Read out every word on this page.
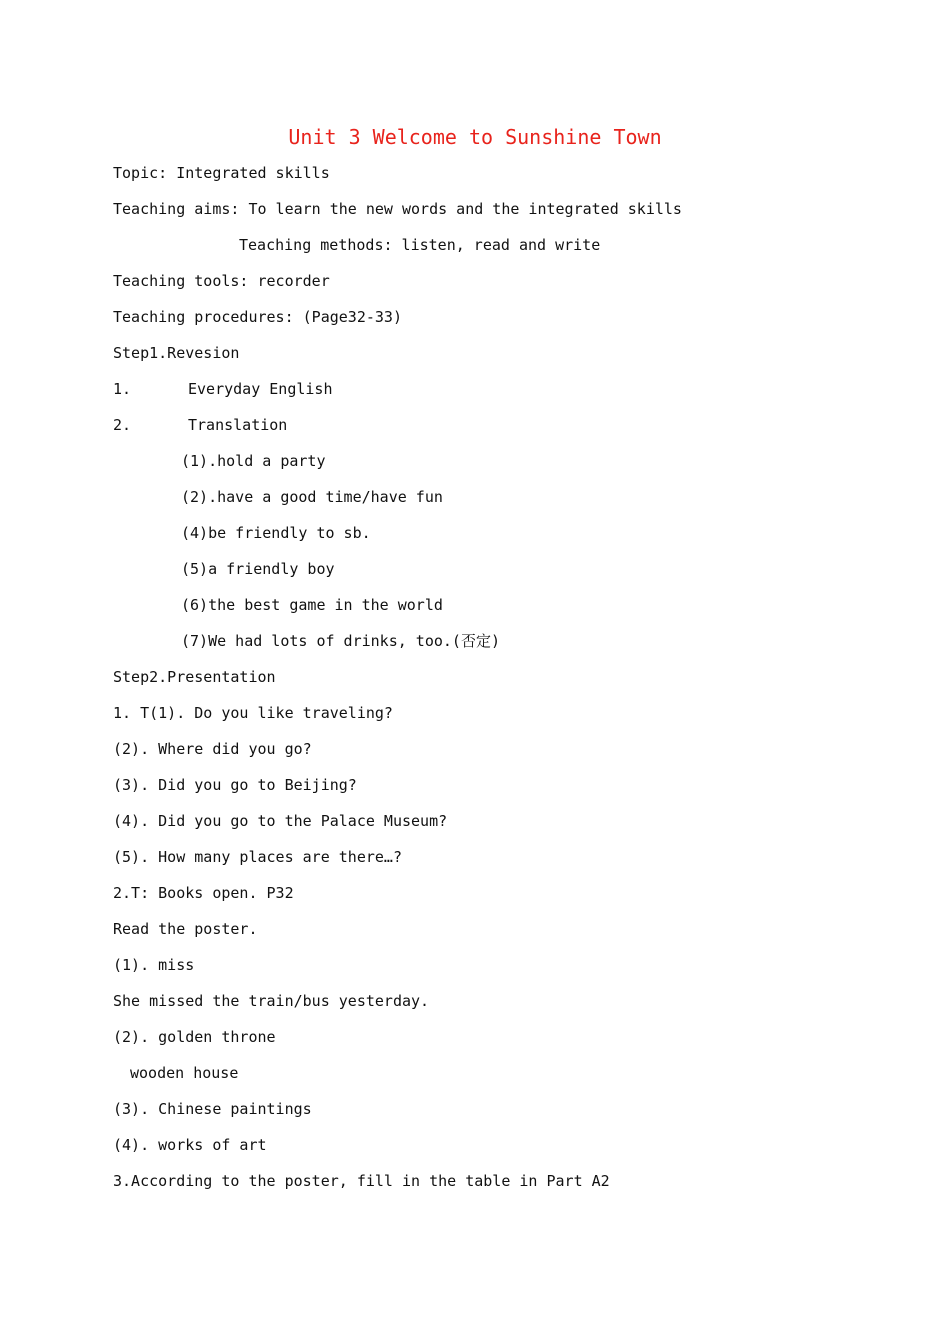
Unit 3 Welcome to Sunshine Town
Topic: Integrated skills
Teaching aims: To learn the new words and the integrated skills
Teaching methods: listen, read and write
Teaching tools: recorder
Teaching procedures: (Page32-33)
Step1.Revesion
1.	Everyday English
2.	Translation
(1).hold a party
(2).have a good time/have fun
(4)be friendly to sb.
(5)a friendly boy
(6)the best game in the world
(7)We had lots of drinks, too.(否定)
Step2.Presentation
1. T(1). Do you like traveling?
(2). Where did you go?
(3). Did you go to Beijing?
(4). Did you go to the Palace Museum?
(5). How many places are there…?
2.T: Books open. P32
Read the poster.
(1). miss
She missed the train/bus yesterday.
(2). golden throne
wooden house
(3). Chinese paintings
(4). works of art
3.According to the poster, fill in the table in Part A2
